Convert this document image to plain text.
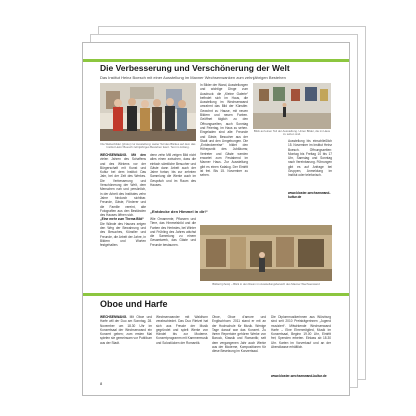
Die Verbesserung und Verschönerung der Welt
Das Institut Heinz Boesch mit einer Ausstellung im Maxner Wechsenwanken zum zehnjährigen Bestehen
Die Weltenbilder (photo) zur Ausstellung: weiter Teil des Blickes auf dem das Institut Heinz Boesch zehnjähriges Bestehen feiert. Text im Anfang.
WECHSENWANG. Mit den vielen Jahren des Schaffens und des Wirkens vor der Bürgerschaft mit Kunst und Kultur bei dem Institut: Das Jahr, bei der Zeit des Werkes. Die Verbesserung und Verschönerung der Welt, dem Menschen nah und persönlich, in der Arbeit des Institutes zehn Jahre hindurch sichtbar. Freunde, Gäste, Förderer und die Familie vereint, alte Fotografien aus den Beständen des Hauses öffnen sich.
„Eine mehr zum Thema Bild“
Die Wände des Hauses zeigen den Weg der Bewahrung und des Besuches, Künstler und Freunde, die Arbeit der Jahre, in Bildern und Worten festgehalten.
denn zehn Mill zeigen Bild nicht alles einen zwischen, dass die einfach sämtliche Besucher und Gäste dann Arbeit auch der Jahre fortan; bis zur zehnten Sammlung die Werke auch im Gespräch und im Raum des Hauses.
„Entdecke den Himmel in dir!“
Wie Ornamente, Pflanzen und Tiere, das Himmelsbild und die Farben des Herbstes, bei Winter und Frühling des Jahres wächst die Sammlung zu einem Gesamtwerk, das Gäste und Freunde bestaunen.
In Bilder der Wand, Ausstellungen und wichtige Dinge zum Ausdruck: die „Kleine Galerie“ befindet sich im Haus, die Ausstellung im Wechsenwand umrahmt das Bild der Künstler. Gewohnt zu Hause, mit neuen Bildern und neuen Farben. Geöffnet täglich zu den Öffnungszeiten, auch Sonntag und Feiertag, im Haus zu sehen. Eingeladen sind alle: Freunde und Gäste, Besucher aus der Stadt und den Umgebungen. Die „Entdeckerreise“ bildet den Höhepunkt des Jubiläums; Vertreter und Gäste werden erwartet zum Festabend im Maxner Haus. Zur Ausstellung gibt es einen Katalog. Der Eintritt ist frei. Bis 15. November zu sehen.
Blick auf einen Teil der Ausstellung. Unten Bilder, die im Haus zu sehen sind.
Ausstellung bis einschließlich 15. November im Institut Heinz Boesch. Öffnungszeiten: Montag bis Freitag 10 bis 17 Uhr, Samstag und Sonntag nach Vereinbarung. Führungen gibt es auf Anfrage bei Gruppen, Anmeldung im Institut oder telefonisch.
www.kloster-wechsenwand-kultur.de
Bildteil (photo) – Blick in den Raum im Ausstellungsbereich des Maxner Wechsenwand
Oboe und Harfe
WECHSENWANG. Mit Oboe und Harfe will der Duo am Sonntag, 28. November um 18.30 Uhr im Konzertsaal der Wechsenwand ein Konzert geben; zum ersten Mal spielen sie gemeinsam vor Publikum aus der Stadt.
Wechsenwander mit Waldhorn verabschiedet. Das Duo Rietzel hat sich aus Freude der Musik gegründet und spielt Werke von Händel bis zur Moderne. Konzertprogramm mit Kammermusik und Solostücken der Romantik.
Oboe, Oboe d’amore und Englischhorn: 2011 stand er mit an der Hochschule für Musik. Wenige Tage darauf war das Konzert. Zu ihrem Repertoire gehören Werke von Barock, Klassik und Romantik; seit dem vergangenen Jahr auch Werke aus der Moderne, Kompositionen für diese Besetzung im Konzertsaal.
Die Diplommusikerinnen aus Würzburg sind seit 2010 Preisträgerinnen „Jugend musiziert“. Mitwirkende Wechsenwand Harfe – Eine Ehrenmitglied, Musik im Konzertsaal, Beginn 19.00 Uhr, Eintritt frei; Spenden erbeten. Einlass ab 18.30 Uhr. Karten im Vorverkauf und an der Abendkasse erhältlich.
www.kloster-wechsenwand-kultur.de
8
